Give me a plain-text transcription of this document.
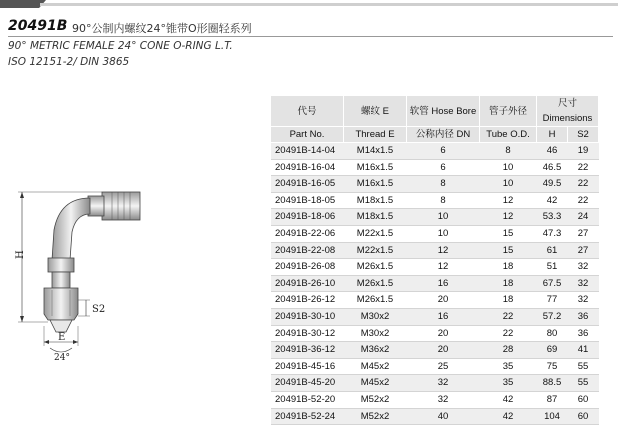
20491B 90°公制内螺纹24°锥带O形圈轻系列
90° METRIC FEMALE 24° CONE O-RING L.T.
ISO 12151-2/ DIN 3865
H
S2
E
24°
代号	螺纹 E	软管 Hose Bore	管子外径	尺寸 Dimensions	
Part No.	Thread E	公称内径 DN	Tube O.D.	H	S2
20491B-14-04	M14x1.5	6	8	46	19
20491B-16-04	M16x1.5	6	10	46.5	22
20491B-16-05	M16x1.5	8	10	49.5	22
20491B-18-05	M18x1.5	8	12	42	22
20491B-18-06	M18x1.5	10	12	53.3	24
20491B-22-06	M22x1.5	10	15	47.3	27
20491B-22-08	M22x1.5	12	15	61	27
20491B-26-08	M26x1.5	12	18	51	32
20491B-26-10	M26x1.5	16	18	67.5	32
20491B-26-12	M26x1.5	20	18	77	32
20491B-30-10	M30x2	16	22	57.2	36
20491B-30-12	M30x2	20	22	80	36
20491B-36-12	M36x2	20	28	69	41
20491B-45-16	M45x2	25	35	75	55
20491B-45-20	M45x2	32	35	88.5	55
20491B-52-20	M52x2	32	42	87	60
20491B-52-24	M52x2	40	42	104	60
